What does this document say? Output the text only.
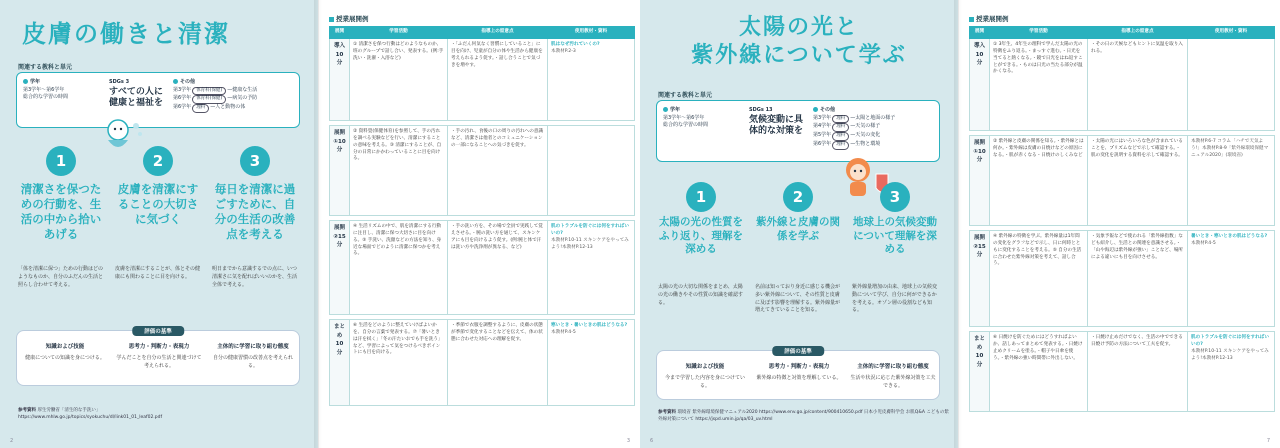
皮膚の働きと清潔
関連する教科と単元
学年
第3学年〜第6学年
総合的な学習の時間
SDGs 3
すべての人に健康と福祉を
その他
第3学年 体育科(保健) —健康な生活
第6学年 体育科(保健) —病気の予防
第6学年 理科 —人と動物の体
1	2	3
清潔さを保つための行動を、生活の中から拾いあげる
皮膚を清潔にすることの大切さに気づく
毎日を清潔に過ごすために、自分の生活の改善点を考える
「体を清潔に保つ」ための行動はどのようなものか、自分のふだんの生活と照らし合わせて考える。
皮膚を清潔にすることが、体とその健康にも関わることに目を向ける。
明日までから意識するでの点に、いつ清潔さに気を配ればいいのかを、生活全体で考える。
評価の基準
知識および技能
健康についての知識を身につける。
思考力・判断力・表現力
学んだことを自分の生活と関連づけて考えられる。
主体的に学習に取り組む態度
自分の健康習慣の改善点を考えられる。
参考資料 厚生労働省「清生的な手洗い」
https://www.mhlw.go.jp/topics/syokuchu/dl/link01_01_leaf02.pdf
2
授業展開例
展開	学習活動	指導上の留意点	使用教材・資料
導入10分	① 清潔さを保つ行動はどのようなものか、班のグループで話し合い、発表する。(例:手洗い・洗濯・入浴など)	・「ふだん何気なく習慣にしていること」に目を向け、児童が自分の体や生活から健康を考えられるよう促す。・話し合うことで気づきを増やす。	肌はなぜ汚れていくの?
本教材P.2-3

展開①10分	② 資料畳(保健体育)を参照して、手の汚れを調べる実験などを行い、清潔にすることの意味を考える。③ 清潔にすることが、自分の日常にかかわっていることに目を向ける。	・手の汚れ、食後の口の周りの汚れへの意識など、清潔さは他者とのコミュニケーションの一部になることへの気づきを促す。	

展開②15分	④ 生活リズムの中で、肌を清潔にする行動に注目し、清潔に保つ大切さに目を向ける。⑤ 手洗い、洗顔などの方法を知り、身近な場面でどのように清潔に保つかを考える。	・手の洗い方を、その場で全員で実践して覚えさせる。・腕の洗い方を通じて、スキンケアにも目を向けるよう促す。(例:腕と体で汗は洗い方や洗浄剤が異なる、など)	肌のトラブルを防ぐには何をすればいいの?
本教材P.10-11 スキンケアをやってみよう!本教材P.12-13

まとめ10分	⑥ 生活をどのように整えていけばよいかを、自分の言葉で発表する。⑦「暑いときは汗を拭く」「冬の汗たいおでも手を洗う」など、学習によって気をつけるべきポイントにも目を向ける。	・季節で衣服を調整するように、皮膚の状態が季節で変化することなどを伝えて、体の状態に合わせた対応への理解を促す。	寒いとき・暑いときの肌はどうなる?
本教材P.4-5
3
太陽の光と
紫外線について学ぶ
関連する教科と単元
学年
第3学年〜第6学年
総合的な学習の時間
SDGs 13
気候変動に具体的な対策を
その他
第3学年 理科 —太陽と地面の様子
第4学年 理科 —天気の様子
第5学年 理科 —天気の変化
第6学年 理科 —生物と環境
1	2	3
太陽の光の性質をふり返り、理解を深める
紫外線と皮膚の関係を学ぶ
地球上の気候変動について理解を深める
太陽の光の大切な関係をまとめ、太陽の光の働きやその性質の知識を確認する。
名前は知っており身近に感じる機会が多い紫外線について、その性質と皮膚に及ぼす影響を理解する。紫外線量が増えてきていることを知る。
紫外線量増加の由来、地球上の気候変動について学び、自分に何ができるかを考える。オゾン層の役割なども知る。
評価の基準
知識および技能
今まで学習した内容を身につけている。
思考力・判断力・表現力
紫外線の特徴と対策を理解している。
主体的に学習に取り組む態度
生活や状況に応じた紫外線対策を工夫できる。
参考資料 環境省 紫外線環境保健マニュアル2020 https://www.env.go.jp/content/900410650.pdf 日本小児皮膚科学会 お肌Q&A こどもの紫外線対策について https://jspd.umin.jp/qa/03_uv.html
6
授業展開例
展開	学習活動	指導上の留意点	使用教材・資料
導入10分	① 3年生、4年生の理科で学んだ太陽の光の特徴をふり返る。・まっすぐ進む。・日光を当てると熱くなる。・鏡で日光をはね返すことができる。・ものは日光の当たる部分が温かくなる。	・その日の天候などもヒントに気温を取り入れる。	

展開①10分	② 紫外線と皮膚の関係を知る。・紫外線とは何か。・紫外線は皮膚の日焼けなどの原因になる。・肌が赤くなる・日焼けのしくみなど	・太陽の光にはいろいろな色が含まれていることを、プリズムなどで示して確認する。・肌の変化を説明する資料を示して確認する。	本教材P.6-7 コラム「ハチで天気よう!」本教材P.8-9「紫外線環境保健マニュアル2020」(環境省)

展開②15分	④ 紫外線の特徴を学ぶ。紫外線量は1年間の変化をグラフなどで示し、日に何時とともに変化することを考える。⑤ 自分の生活に合わせた紫外線対策を考えて、話し合う。	・気象予報などで使われる「紫外線指数」なども紹介し、生活との関連を意識させる。・「山や海辺は紫外線が強い」ことなど、場所による違いにも目を向けさせる。	暑いとき・寒いときの肌はどうなる?
本教材P.4-5

まとめ10分	⑥ 日焼けを防ぐためにはどうすればよいか、話しあってまとめて発表する。・日焼け止めクリームを塗る。・帽子や日傘を使う。・紫外線の強い時間帯に外出しない。	・日焼け止めだけでなく、生活の中でできる日焼け予防の方法について工夫を促す。	肌のトラブルを防ぐには何をすればいいの?
本教材P.10-11 スキンケアをやってみよう!本教材P.12-13
7
